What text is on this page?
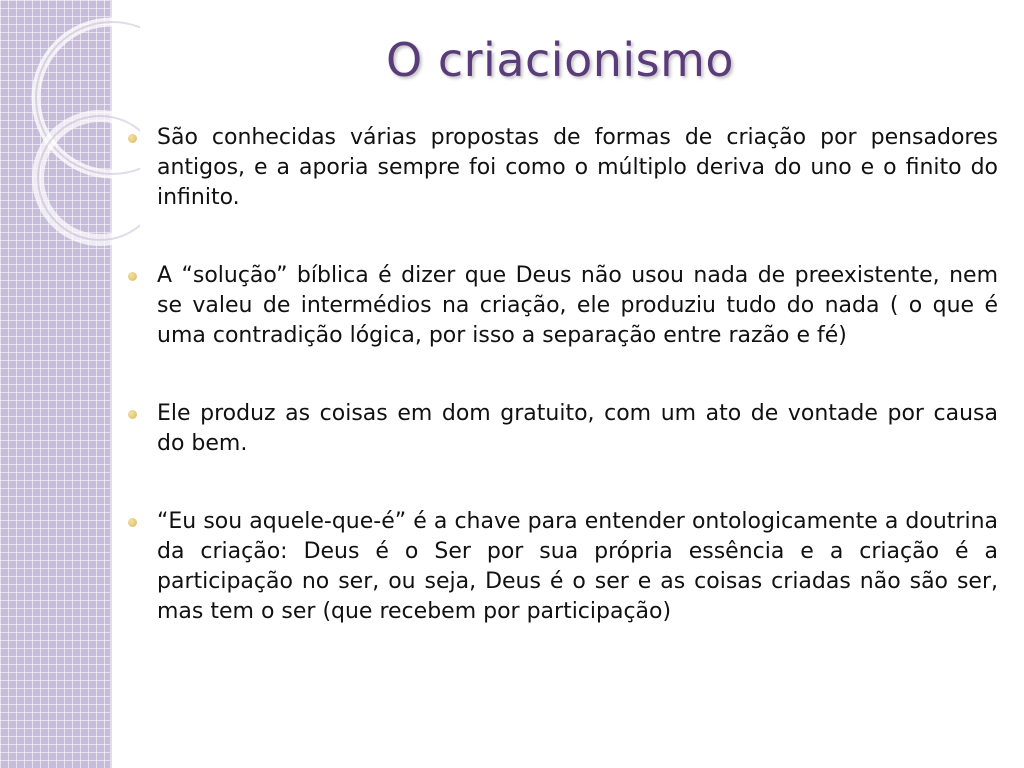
O criacionismo
São conhecidas várias propostas de formas de criação por pensadores antigos, e a aporia sempre foi como o múltiplo deriva do uno e o finito do infinito.
A “solução” bíblica é dizer que Deus não usou nada de preexistente, nem se valeu de intermédios na criação, ele produziu tudo do nada ( o que é uma contradição lógica, por isso a separação entre razão e fé)
Ele produz as coisas em dom gratuito, com um ato de vontade por causa do bem.
“Eu sou aquele-que-é” é a chave para entender ontologicamente a doutrina da criação: Deus é o Ser por sua própria essência e a criação é a participação no ser, ou seja, Deus é o ser e as coisas criadas não são ser, mas tem o ser (que recebem por participação)
